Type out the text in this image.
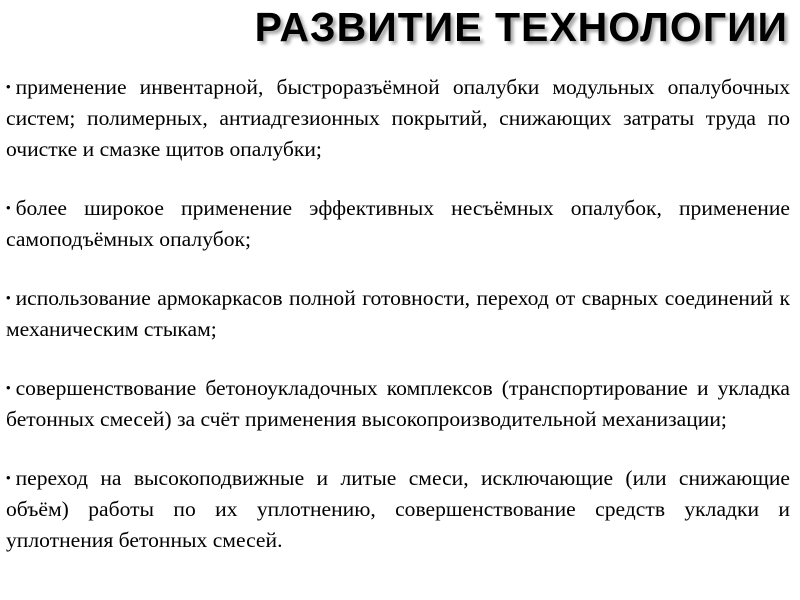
РАЗВИТИЕ ТЕХНОЛОГИИ
• применение инвентарной, быстроразъёмной опалубки модульных опалубочных систем; полимерных, антиадгезионных покрытий, снижающих затраты труда по очистке и смазке щитов опалубки;
• более широкое применение эффективных несъёмных опалубок, применение самоподъёмных опалубок;
• использование армокаркасов полной готовности, переход от сварных соединений к механическим стыкам;
• совершенствование бетоноукладочных комплексов (транспортирование и укладка бетонных смесей) за счёт применения высокопроизводительной механизации;
• переход на высокоподвижные и литые смеси, исключающие (или снижающие объём) работы по их уплотнению, совершенствование средств укладки и уплотнения бетонных смесей.
